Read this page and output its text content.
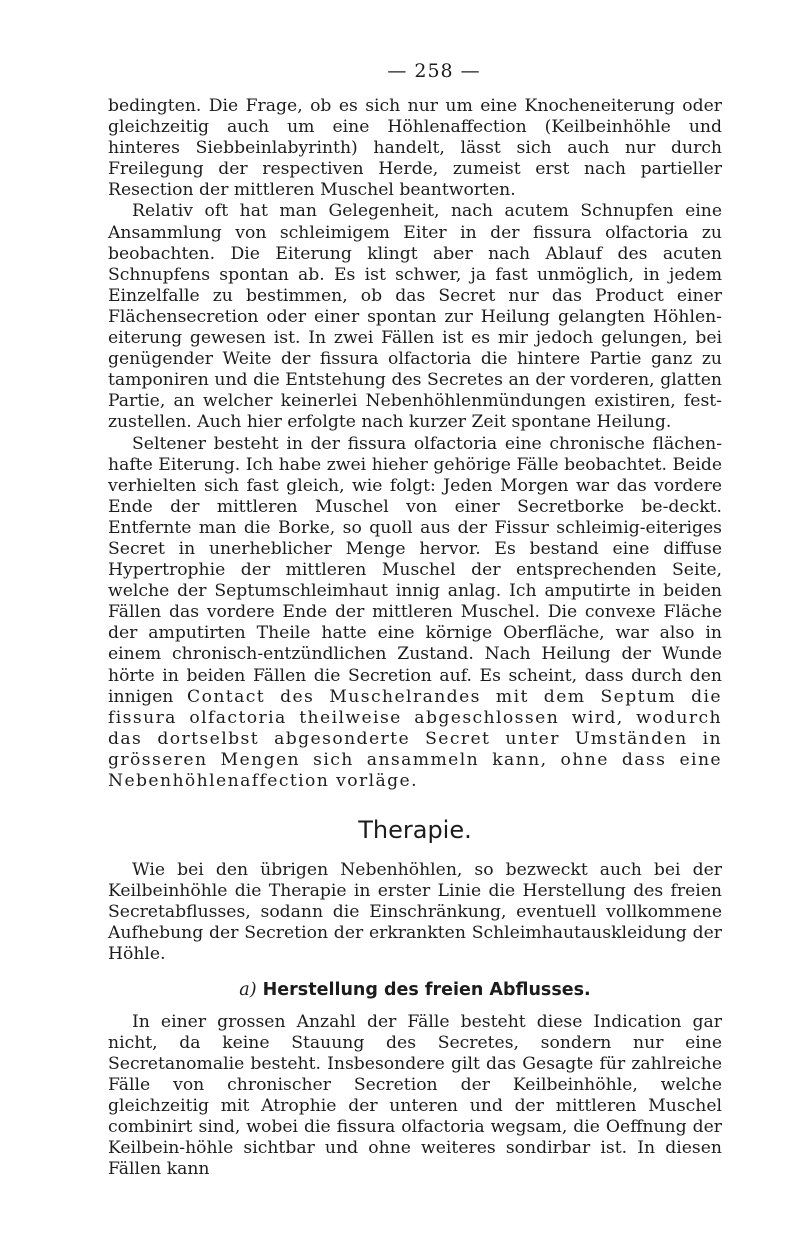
— 258 —

bedingten. Die Frage, ob es sich nur um eine Knocheneiterung oder gleichzeitig auch um eine Höhlenaffection (Keilbeinhöhle und hinteres Siebbeinlabyrinth) handelt, lässt sich auch nur durch Freilegung der respectiven Herde, zumeist erst nach partieller Resection der mittleren Muschel beantworten.

Relativ oft hat man Gelegenheit, nach acutem Schnupfen eine Ansammlung von schleimigem Eiter in der fissura olfactoria zu beobachten. Die Eiterung klingt aber nach Ablauf des acuten Schnupfens spontan ab. Es ist schwer, ja fast unmöglich, in jedem Einzelfalle zu bestimmen, ob das Secret nur das Product einer Flächensecretion oder einer spontan zur Heilung gelangten Höhlen-eiterung gewesen ist. In zwei Fällen ist es mir jedoch gelungen, bei genügender Weite der fissura olfactoria die hintere Partie ganz zu tamponiren und die Entstehung des Secretes an der vorderen, glatten Partie, an welcher keinerlei Nebenhöhlenmündungen existiren, fest-zustellen. Auch hier erfolgte nach kurzer Zeit spontane Heilung.

Seltener besteht in der fissura olfactoria eine chronische flächen-hafte Eiterung. Ich habe zwei hieher gehörige Fälle beobachtet. Beide verhielten sich fast gleich, wie folgt: Jeden Morgen war das vordere Ende der mittleren Muschel von einer Secretborke be-deckt. Entfernte man die Borke, so quoll aus der Fissur schleimig-eiteriges Secret in unerheblicher Menge hervor. Es bestand eine diffuse Hypertrophie der mittleren Muschel der entsprechenden Seite, welche der Septumschleimhaut innig anlag. Ich amputirte in beiden Fällen das vordere Ende der mittleren Muschel. Die convexe Fläche der amputirten Theile hatte eine körnige Oberfläche, war also in einem chronisch-entzündlichen Zustand. Nach Heilung der Wunde hörte in beiden Fällen die Secretion auf. Es scheint, dass durch den innigen Contact des Muschelrandes mit dem Septum die fissura olfactoria theilweise abgeschlossen wird, wodurch das dortselbst abgesonderte Secret unter Umständen in grösseren Mengen sich ansammeln kann, ohne dass eine Nebenhöhlenaffection vorläge.

Therapie.

Wie bei den übrigen Nebenhöhlen, so bezweckt auch bei der Keilbeinhöhle die Therapie in erster Linie die Herstellung des freien Secretabflusses, sodann die Einschränkung, eventuell vollkommene Aufhebung der Secretion der erkrankten Schleimhautauskleidung der Höhle.

a) Herstellung des freien Abflusses.

In einer grossen Anzahl der Fälle besteht diese Indication gar nicht, da keine Stauung des Secretes, sondern nur eine Secretanomalie besteht. Insbesondere gilt das Gesagte für zahlreiche Fälle von chronischer Secretion der Keilbeinhöhle, welche gleichzeitig mit Atrophie der unteren und der mittleren Muschel combinirt sind, wobei die fissura olfactoria wegsam, die Oeffnung der Keilbein-höhle sichtbar und ohne weiteres sondirbar ist. In diesen Fällen kann
